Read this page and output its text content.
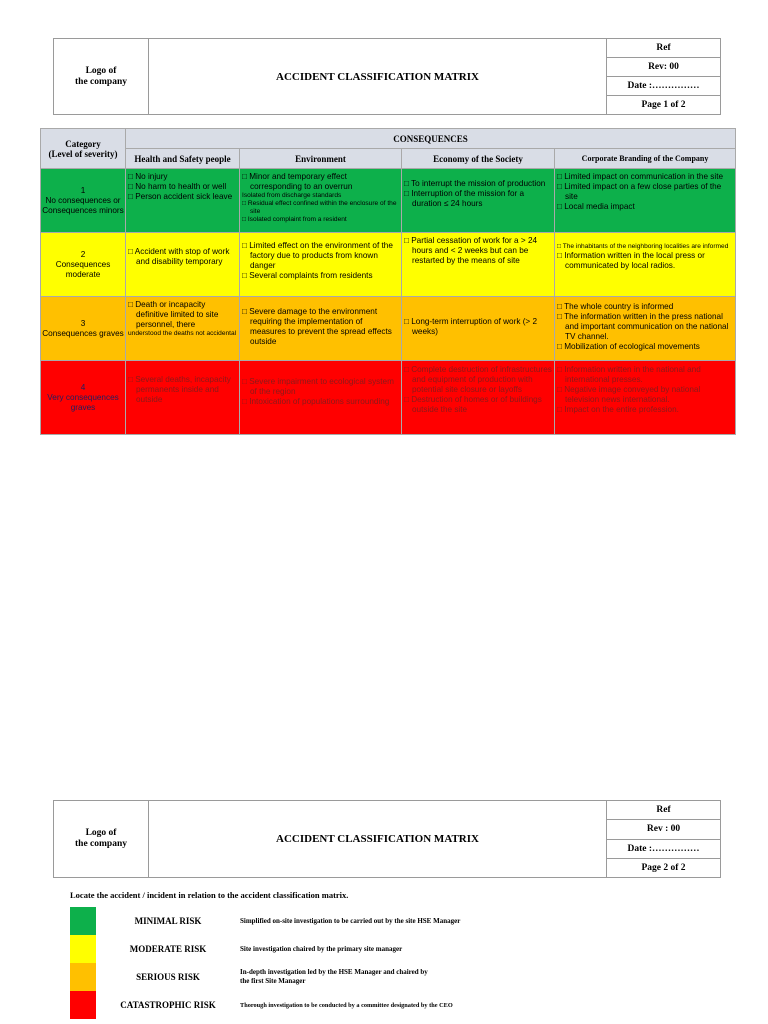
Logo of
the company	ACCIDENT CLASSIFICATION MATRIX	Ref
Rev: 00
Date :……………
Page 1 of 2
Category
(Level of severity)	CONSEQUENCES			
	Health and Safety people	Environment	Economy of the Society	Corporate Branding of the Company
1
No consequences or Consequences minors	□ No injury
□ No harm to health or well
□ Person accident sick leave	□ Minor and temporary effect corresponding to an overrun
Isolated from discharge standards
□ Residual effect confined within the enclosure of the site
□ Isolated complaint from a resident	□ To interrupt the mission of production
□ Interruption of the mission for a duration ≤ 24 hours	□ Limited impact on communication in the site
□ Limited impact on a few close parties of the site
□ Local media impact

2
Consequences moderate	□ Accident with stop of work and disability temporary	□ Limited effect on the environment of the factory due to products from known danger
□ Several complaints from residents	□ Partial cessation of work for a > 24 hours and < 2 weeks but can be restarted by the means of site	□ The inhabitants of the neighboring localities are informed
□ Information written in the local press or communicated by local radios.

3
Consequences graves	□ Death or incapacity definitive limited to site personnel, there
understood the deaths not accidental	□ Severe damage to the environment requiring the implementation of measures to prevent the spread effects outside	□ Long-term interruption of work (> 2 weeks)	□ The whole country is informed
□ The information written in the press national and important communication on the national TV channel.
□ Mobilization of ecological movements

4
Very consequences graves	□ Several deaths, incapacity permanents inside and outside	□ Severe impairment to ecological system of the region
□ Intoxication of populations surrounding	□ Complete destruction of infrastructures and equipment of production with potential site closure or layoffs
□ Destruction of homes or of buildings outside the site	□ Information written in the national and international presses.
□ Negative image conveyed by national television news international.
□ Impact on the entire profession.
Logo of
the company	ACCIDENT CLASSIFICATION MATRIX	Ref
Rev : 00
Date :……………
Page 2 of 2
Locate the accident / incident in relation to the accident classification matrix.
MINIMAL RISK	Simplified on-site investigation to be carried out by the site HSE Manager
MODERATE RISK	Site investigation chaired by the primary site manager
SERIOUS RISK	In-depth investigation led by the HSE Manager and chaired by
the first Site Manager
CATASTROPHIC RISK	Thorough investigation to be conducted by a committee designated by the CEO
